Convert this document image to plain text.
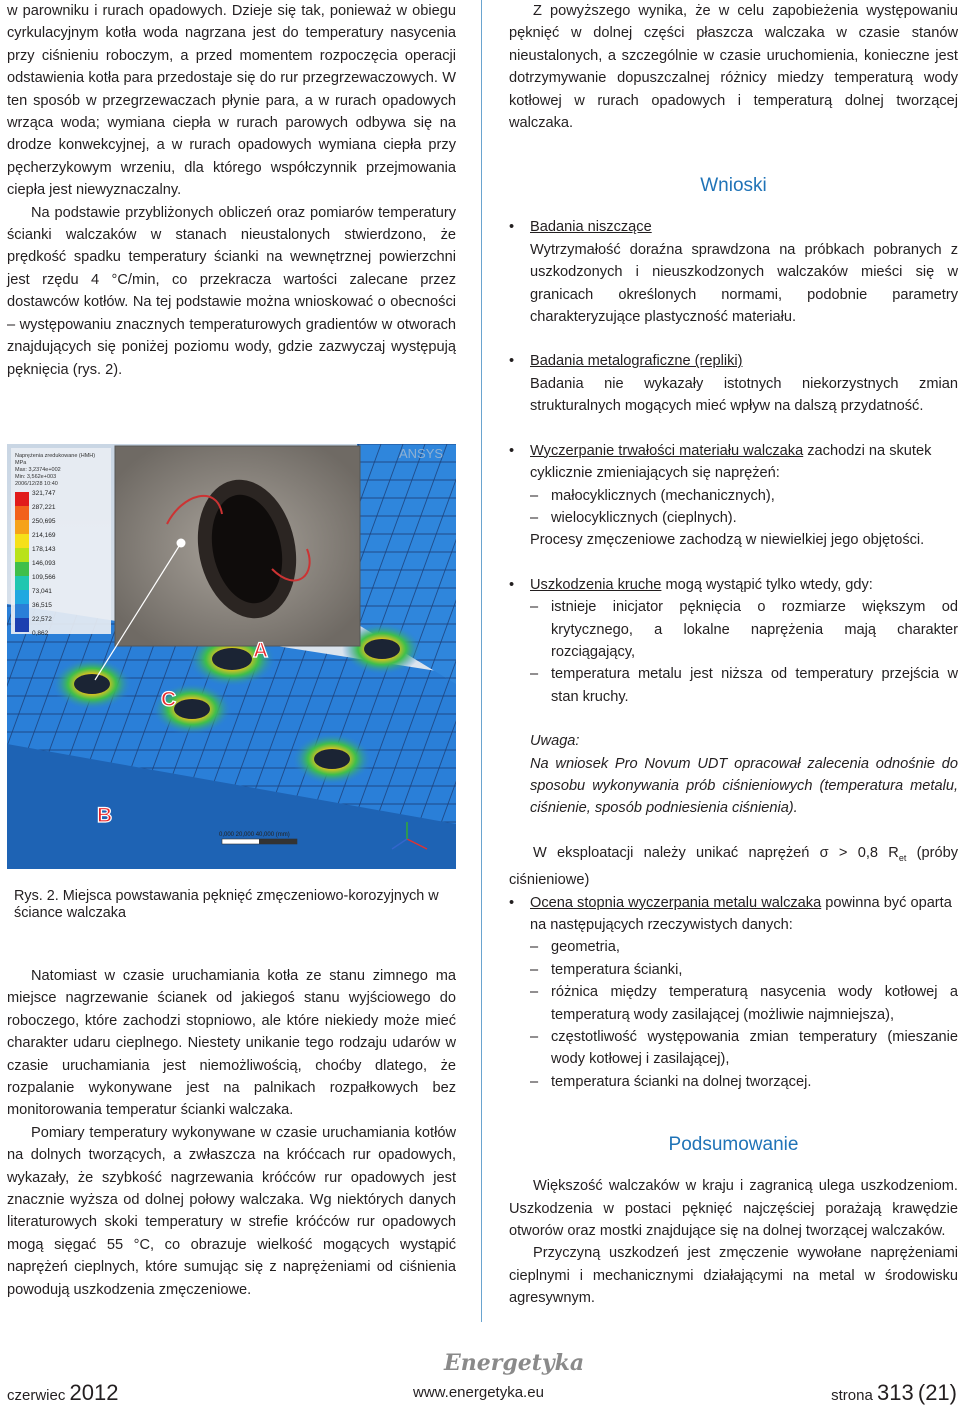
w parowniku i rurach opadowych. Dzieje się tak, ponieważ w obiegu cyrkulacyjnym kotła woda nagrzana jest do temperatury nasycenia przy ciśnieniu roboczym, a przed momentem rozpoczęcia operacji odstawienia kotła para przedostaje się do rur przegrzewaczowych. W ten sposób w przegrzewaczach płynie para, a w rurach opadowych wrząca woda; wymiana ciepła w rurach parowych odbywa się na drodze konwekcyjnej, a w rurach opadowych wymiana ciepła przy pęcherzykowym wrzeniu, dla którego współczynnik przejmowania ciepła jest niewyznaczalny.

Na podstawie przybliżonych obliczeń oraz pomiarów temperatury ścianki walczaków w stanach nieustalonych stwierdzono, że prędkość spadku temperatury ścianki na wewnętrznej powierzchni jest rzędu 4 °C/min, co przekracza wartości zalecane przez dostawców kotłów. Na tej podstawie można wnioskować o obecności – występowaniu znacznych temperaturowych gradientów w otworach znajdujących się poniżej poziomu wody, gdzie zazwyczaj występują pęknięcia (rys. 2).

Naprężenia zredukowane (HMH)
MPa
Max: 3,2374e+002
Min: 3,562e+003
2006/12/28 10:40
321,747
287,221
250,695
214,169
178,143
146,093
109,566
73,041
36,515
22,572
0,862
ANSYS
A
C
B
0,000 20,000 40,000 (mm)
Rys. 2. Miejsca powstawania pęknięć zmęczeniowo-korozyjnych w ściance walczaka

Natomiast w czasie uruchamiania kotła ze stanu zimnego ma miejsce nagrzewanie ścianek od jakiegoś stanu wyjściowego do roboczego, które zachodzi stopniowo, ale które niekiedy może mieć charakter udaru cieplnego. Niestety unikanie tego rodzaju udarów w czasie uruchamiania jest niemożliwością, choćby dlatego, że rozpalanie wykonywane jest na palnikach rozpałkowych bez monitorowania temperatur ścianki walczaka.

Pomiary temperatury wykonywane w czasie uruchamiania kotłów na dolnych tworzących, a zwłaszcza na króćcach rur opadowych, wykazały, że szybkość nagrzewania króćców rur opadowych jest znacznie wyższa od dolnej połowy walczaka. Wg niektórych danych literaturowych skoki temperatury w strefie króćców rur opadowych mogą sięgać 55 °C, co obrazuje wielkość mogących wystąpić naprężeń cieplnych, które sumując się z naprężeniami od ciśnienia powodują uszkodzenia zmęczeniowe.

Z powyższego wynika, że w celu zapobieżenia występowaniu pęknięć w dolnej części płaszcza walczaka w czasie stanów nieustalonych, a szczególnie w czasie uruchomienia, konieczne jest dotrzymywanie dopuszczalnej różnicy miedzy temperaturą wody kotłowej w rurach opadowych i temperaturą dolnej tworzącej walczaka.

Wnioski
• Badania niszczące

Wytrzymałość doraźna sprawdzona na próbkach pobranych z uszkodzonych i nieuszkodzonych walczaków mieści się w granicach określonych normami, podobnie parametry charakteryzujące plastyczność materiału.
• Badania metalograficzne (repliki)

Badania nie wykazały istotnych niekorzystnych zmian strukturalnych mogących mieć wpływ na dalszą przydatność.
• Wyczerpanie trwałości materiału walczaka zachodzi na skutek cyklicznie zmieniających się naprężeń:
– małocyklicznych (mechanicznych),
– wielocyklicznych (cieplnych).
Procesy zmęczeniowe zachodzą w niewielkiej jego objętości.
• Uszkodzenia kruche mogą wystąpić tylko wtedy, gdy:
– istnieje inicjator pęknięcia o rozmiarze większym od krytycznego, a lokalne naprężenia mają charakter rozciągający,
– temperatura metalu jest niższa od temperatury przejścia w stan kruchy.
Uwaga:
Na wniosek Pro Novum UDT opracował zalecenia odnośnie do sposobu wykonywania prób ciśnieniowych (temperatura metalu, ciśnienie, sposób podniesienia ciśnienia).

W eksploatacji należy unikać naprężeń σ > 0,8 $R_{et}$ (próby ciśnieniowe)

• Ocena stopnia wyczerpania metalu walczaka powinna być oparta na następujących rzeczywistych danych:
– geometria,
– temperatura ścianki,
– różnica między temperaturą nasycenia wody kotłowej a temperaturą wody zasilającej (możliwie najmniejsza),
– częstotliwość występowania zmian temperatury (mieszanie wody kotłowej i zasilającej),
– temperatura ścianki na dolnej tworzącej.
Podsumowanie

Większość walczaków w kraju i zagranicą ulega uszkodzeniom. Uszkodzenia w postaci pęknięć najczęściej porażają krawędzie otworów oraz mostki znajdujące się na dolnej tworzącej walczaków.

Przyczyną uszkodzeń jest zmęczenie wywołane naprężeniami cieplnymi i mechanicznymi działającymi na metal w środowisku agresywnym.

czerwiec 2012
Energetyka
www.energetyka.eu	strona 313 (21)
